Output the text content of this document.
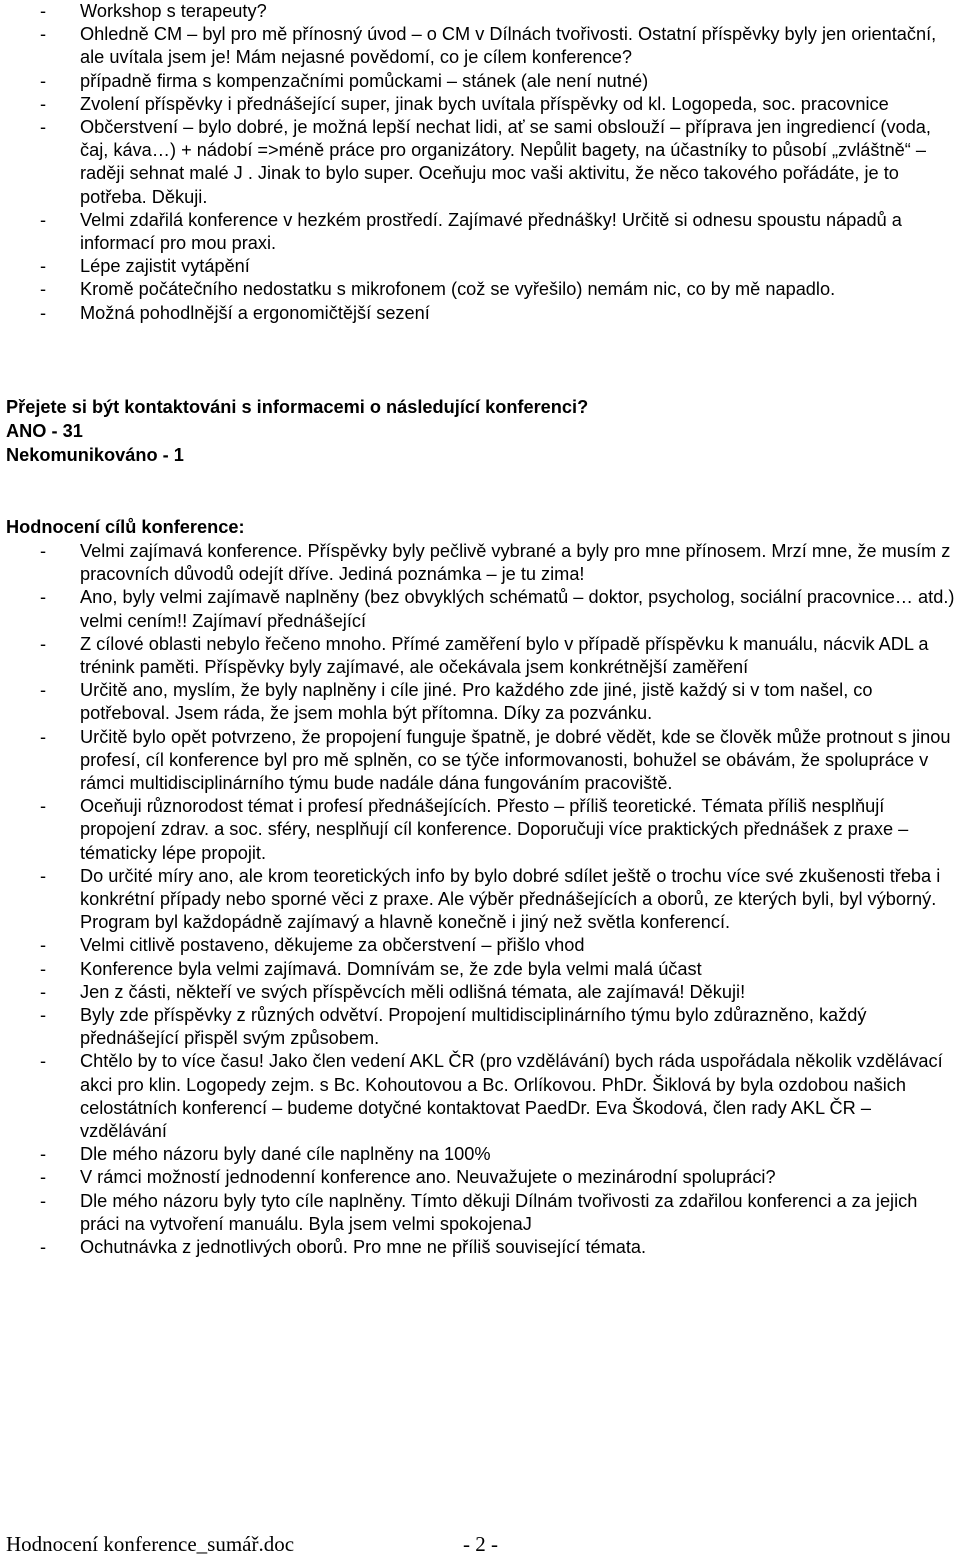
- Workshop s terapeuty?
- Ohledně CM – byl pro mě přínosný úvod – o CM v Dílnách tvořivosti. Ostatní příspěvky byly jen orientační, ale uvítala jsem je! Mám nejasné povědomí, co je cílem konference?
- případně firma s kompenzačními pomůckami – stánek (ale není nutné)
- Zvolení příspěvky i přednášející super, jinak bych uvítala příspěvky od kl. Logopeda, soc. pracovnice
- Občerstvení – bylo dobré, je možná lepší nechat lidi, ať se sami obslouží – příprava jen ingrediencí (voda, čaj, káva…) + nádobí =>méně práce pro organizátory. Nepůlit bagety, na účastníky to působí „zvláštně“ – raději sehnat malé J . Jinak to bylo super. Oceňuju moc vaši aktivitu, že něco takového pořádáte, je to potřeba. Děkuji.
- Velmi zdařilá konference v hezkém prostředí. Zajímavé přednášky! Určitě si odnesu spoustu nápadů a informací pro mou praxi.
- Lépe zajistit vytápění
- Kromě počátečního nedostatku s mikrofonem (což se vyřešilo) nemám nic, co by mě napadlo.
- Možná pohodlnější a ergonomičtější sezení
Přejete si být kontaktováni s informacemi o následující konferenci?
ANO - 31
Nekomunikováno - 1
Hodnocení cílů konference:
- Velmi zajímavá konference. Příspěvky byly pečlivě vybrané a byly pro mne přínosem. Mrzí mne, že musím z pracovních důvodů odejít dříve. Jediná poznámka – je tu zima!
- Ano, byly velmi zajímavě naplněny (bez obvyklých schématů – doktor, psycholog, sociální pracovnice… atd.) velmi cením!! Zajímaví přednášející
- Z cílové oblasti nebylo řečeno mnoho. Přímé zaměření bylo v případě příspěvku k manuálu, nácvik ADL a trénink paměti. Příspěvky byly zajímavé, ale očekávala jsem konkrétnější zaměření
- Určitě ano, myslím, že byly naplněny i cíle jiné. Pro každého zde jiné, jistě každý si v tom našel, co potřeboval. Jsem ráda, že jsem mohla být přítomna. Díky za pozvánku.
- Určitě bylo opět potvrzeno, že propojení funguje špatně, je dobré vědět, kde se člověk může protnout s jinou profesí, cíl konference byl pro mě splněn, co se týče informovanosti, bohužel se obávám, že spolupráce v rámci multidisciplinárního týmu bude nadále dána fungováním pracoviště.
- Oceňuji různorodost témat i profesí přednášejících. Přesto – příliš teoretické. Témata příliš nesplňují propojení zdrav. a soc. sféry, nesplňují cíl konference. Doporučuji více praktických přednášek z praxe – tématicky lépe propojit.
- Do určité míry ano, ale krom teoretických info by bylo dobré sdílet ještě o trochu více své zkušenosti třeba i konkrétní případy nebo sporné věci z praxe. Ale výběr přednášejících a oborů, ze kterých byli, byl výborný. Program byl každopádně zajímavý a hlavně konečně i jiný než světla konferencí.
- Velmi citlivě postaveno, děkujeme za občerstvení – přišlo vhod
- Konference byla velmi zajímavá. Domnívám se, že zde byla velmi malá účast
- Jen z části, někteří ve svých příspěvcích měli odlišná témata, ale zajímavá! Děkuji!
- Byly zde příspěvky z různých odvětví. Propojení multidisciplinárního týmu bylo zdůrazněno, každý přednášející přispěl svým způsobem.
- Chtělo by to více času! Jako člen vedení AKL ČR (pro vzdělávání) bych ráda uspořádala několik vzdělávací akci pro klin. Logopedy zejm. s Bc. Kohoutovou a Bc. Orlíkovou. PhDr. Šiklová by byla ozdobou našich celostátních konferencí – budeme dotyčné kontaktovat PaedDr. Eva Škodová, člen rady AKL ČR – vzdělávání
- Dle mého názoru byly dané cíle naplněny na 100%
- V rámci možností jednodenní konference ano. Neuvažujete o mezinárodní spolupráci?
- Dle mého názoru byly tyto cíle naplněny. Tímto děkuji Dílnám tvořivosti za zdařilou konferenci a za jejich práci na vytvoření manuálu. Byla jsem velmi spokojenaJ
- Ochutnávka z jednotlivých oborů. Pro mne ne příliš související témata.
Hodnocení konference_sumář.doc	- 2 -
